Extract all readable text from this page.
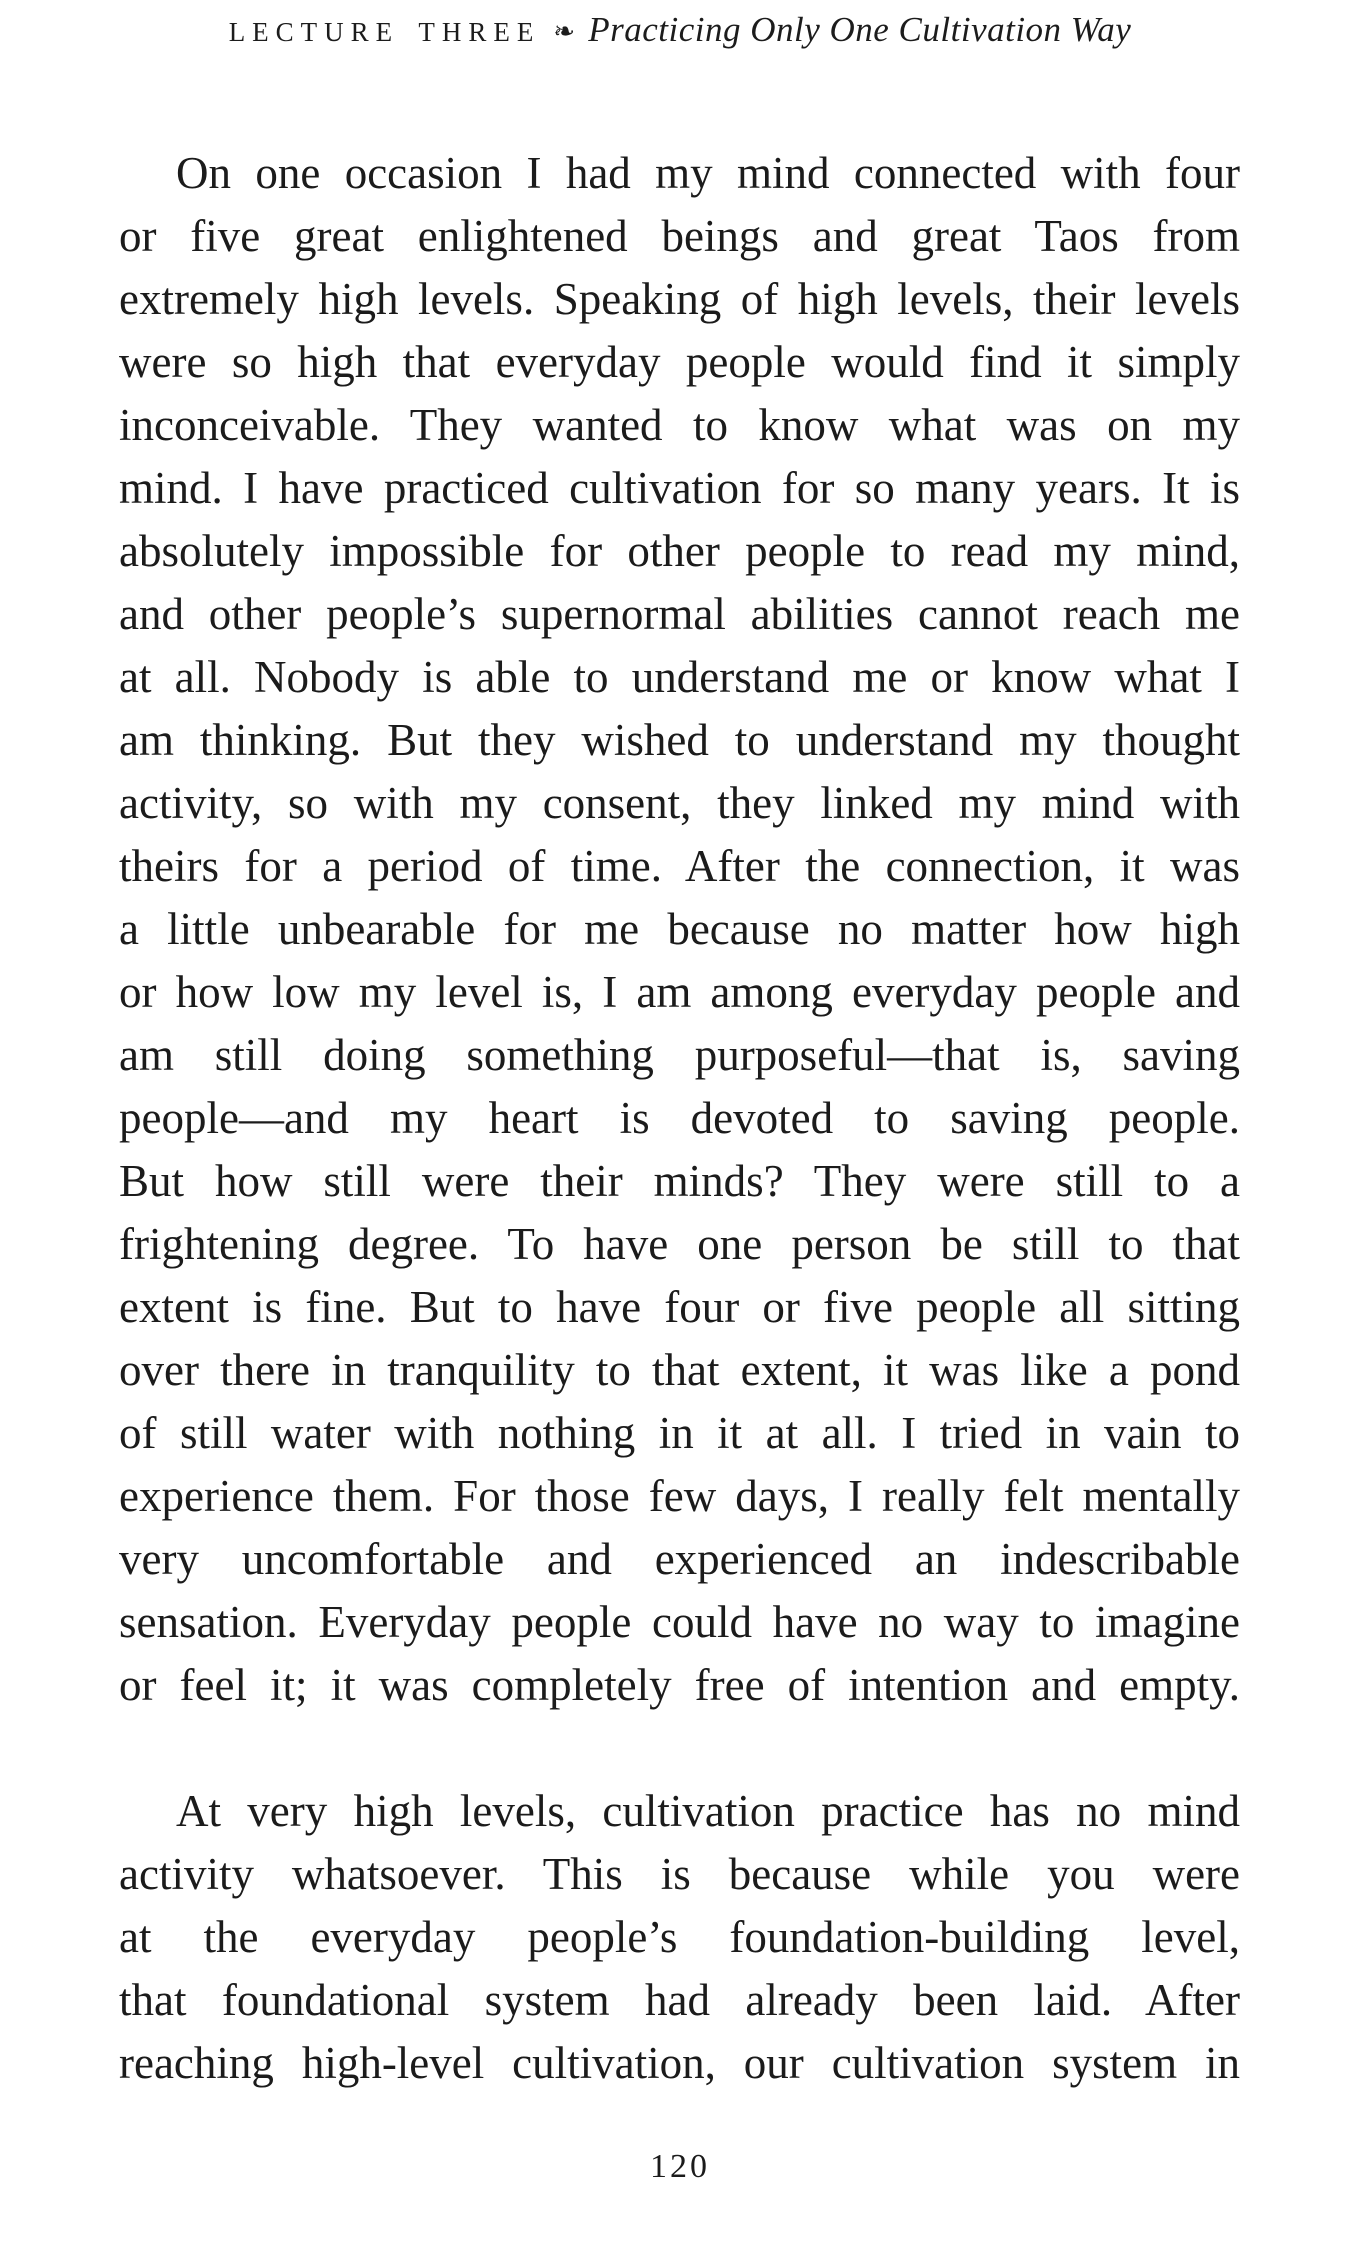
LECTURE THREE ❧ Practicing Only One Cultivation Way
On one occasion I had my mind connected with four
or five great enlightened beings and great Taos from
extremely high levels. Speaking of high levels, their levels
were so high that everyday people would find it simply
inconceivable. They wanted to know what was on my
mind. I have practiced cultivation for so many years. It is
absolutely impossible for other people to read my mind,
and other people’s supernormal abilities cannot reach me
at all. Nobody is able to understand me or know what I
am thinking. But they wished to understand my thought
activity, so with my consent, they linked my mind with
theirs for a period of time. After the connection, it was
a little unbearable for me because no matter how high
or how low my level is, I am among everyday people and
am still doing something purposeful—that is, saving
people—and my heart is devoted to saving people.
But how still were their minds? They were still to a
frightening degree. To have one person be still to that
extent is fine. But to have four or five people all sitting
over there in tranquility to that extent, it was like a pond
of still water with nothing in it at all. I tried in vain to
experience them. For those few days, I really felt mentally
very uncomfortable and experienced an indescribable
sensation. Everyday people could have no way to imagine
or feel it; it was completely free of intention and empty.
At very high levels, cultivation practice has no mind
activity whatsoever. This is because while you were
at the everyday people’s foundation-building level,
that foundational system had already been laid. After
reaching high-level cultivation, our cultivation system in
120
